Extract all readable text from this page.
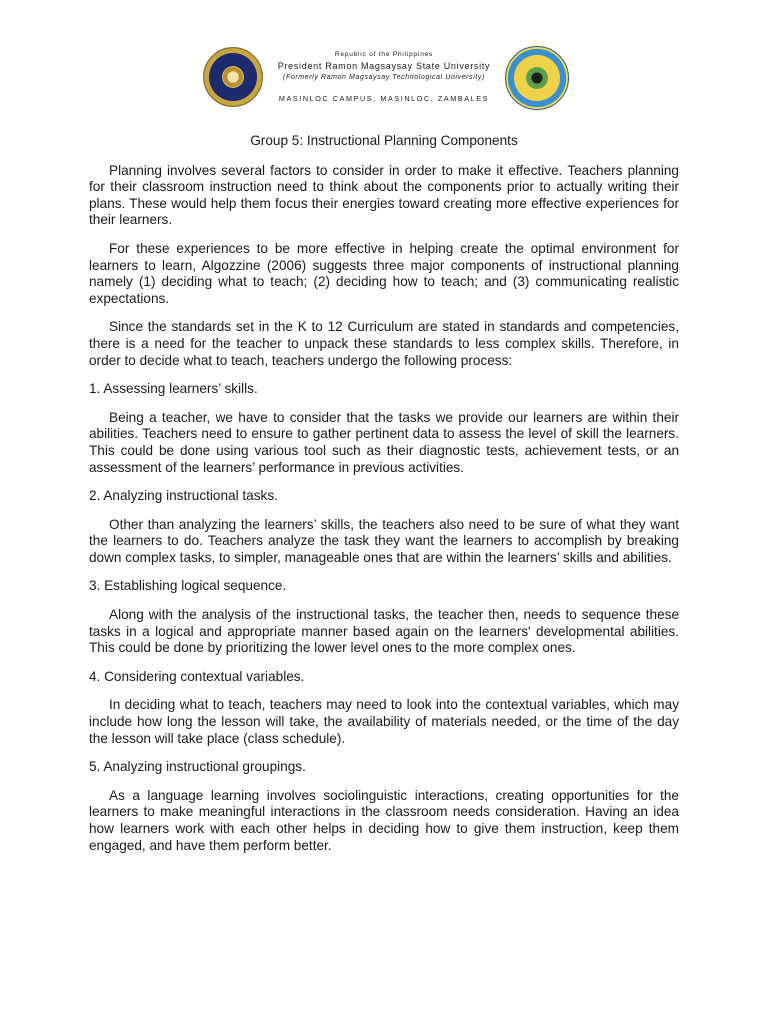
Republic of the Philippines
President Ramon Magsaysay State University
(Formerly Ramon Magsaysay Technological University)
MASINLOC CAMPUS, MASINLOC, ZAMBALES
Group 5: Instructional Planning Components

Planning involves several factors to consider in order to make it effective. Teachers planning for their classroom instruction need to think about the components prior to actually writing their plans. These would help them focus their energies toward creating more effective experiences for their learners.

For these experiences to be more effective in helping create the optimal environment for learners to learn, Algozzine (2006) suggests three major components of instructional planning namely (1) deciding what to teach; (2) deciding how to teach; and (3) communicating realistic expectations.

Since the standards set in the K to 12 Curriculum are stated in standards and competencies, there is a need for the teacher to unpack these standards to less complex skills. Therefore, in order to decide what to teach, teachers undergo the following process:

1. Assessing learners’ skills.

Being a teacher, we have to consider that the tasks we provide our learners are within their abilities. Teachers need to ensure to gather pertinent data to assess the level of skill the learners. This could be done using various tool such as their diagnostic tests, achievement tests, or an assessment of the learners’ performance in previous activities.

2. Analyzing instructional tasks.

Other than analyzing the learners’ skills, the teachers also need to be sure of what they want the learners to do. Teachers analyze the task they want the learners to accomplish by breaking down complex tasks, to simpler, manageable ones that are within the learners’ skills and abilities.

3. Establishing logical sequence.

Along with the analysis of the instructional tasks, the teacher then, needs to sequence these tasks in a logical and appropriate manner based again on the learners' developmental abilities. This could be done by prioritizing the lower level ones to the more complex ones.

4. Considering contextual variables.

In deciding what to teach, teachers may need to look into the contextual variables, which may include how long the lesson will take, the availability of materials needed, or the time of the day the lesson will take place (class schedule).

5. Analyzing instructional groupings.

As a language learning involves sociolinguistic interactions, creating opportunities for the learners to make meaningful interactions in the classroom needs consideration. Having an idea how learners work with each other helps in deciding how to give them instruction, keep them engaged, and have them perform better.
